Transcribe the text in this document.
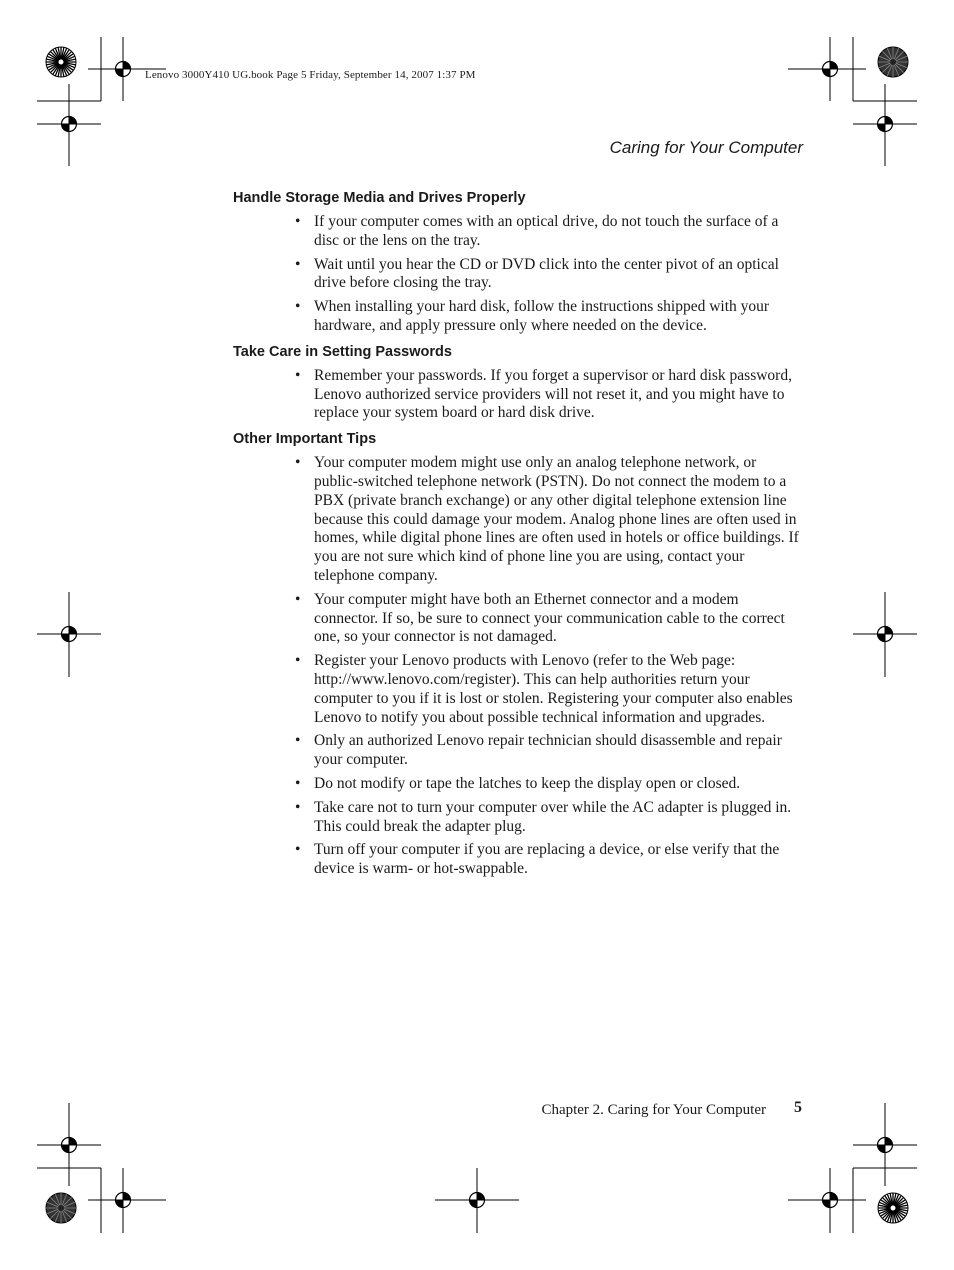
Lenovo 3000Y410 UG.book Page 5 Friday, September 14, 2007 1:37 PM
Caring for Your Computer
Handle Storage Media and Drives Properly
• If your computer comes with an optical drive, do not touch the surface of a disc or the lens on the tray.
• Wait until you hear the CD or DVD click into the center pivot of an optical drive before closing the tray.
• When installing your hard disk, follow the instructions shipped with your hardware, and apply pressure only where needed on the device.
Take Care in Setting Passwords
• Remember your passwords. If you forget a supervisor or hard disk password, Lenovo authorized service providers will not reset it, and you might have to replace your system board or hard disk drive.
Other Important Tips
• Your computer modem might use only an analog telephone network, or public-switched telephone network (PSTN). Do not connect the modem to a PBX (private branch exchange) or any other digital telephone extension line because this could damage your modem. Analog phone lines are often used in homes, while digital phone lines are often used in hotels or office buildings. If you are not sure which kind of phone line you are using, contact your telephone company.
• Your computer might have both an Ethernet connector and a modem connector. If so, be sure to connect your communication cable to the correct one, so your connector is not damaged.
• Register your Lenovo products with Lenovo (refer to the Web page: http://www.lenovo.com/register). This can help authorities return your computer to you if it is lost or stolen. Registering your computer also enables Lenovo to notify you about possible technical information and upgrades.
• Only an authorized Lenovo repair technician should disassemble and repair your computer.
• Do not modify or tape the latches to keep the display open or closed.
• Take care not to turn your computer over while the AC adapter is plugged in. This could break the adapter plug.
• Turn off your computer if you are replacing a device, or else verify that the device is warm- or hot-swappable.
Chapter 2. Caring for Your Computer 5
